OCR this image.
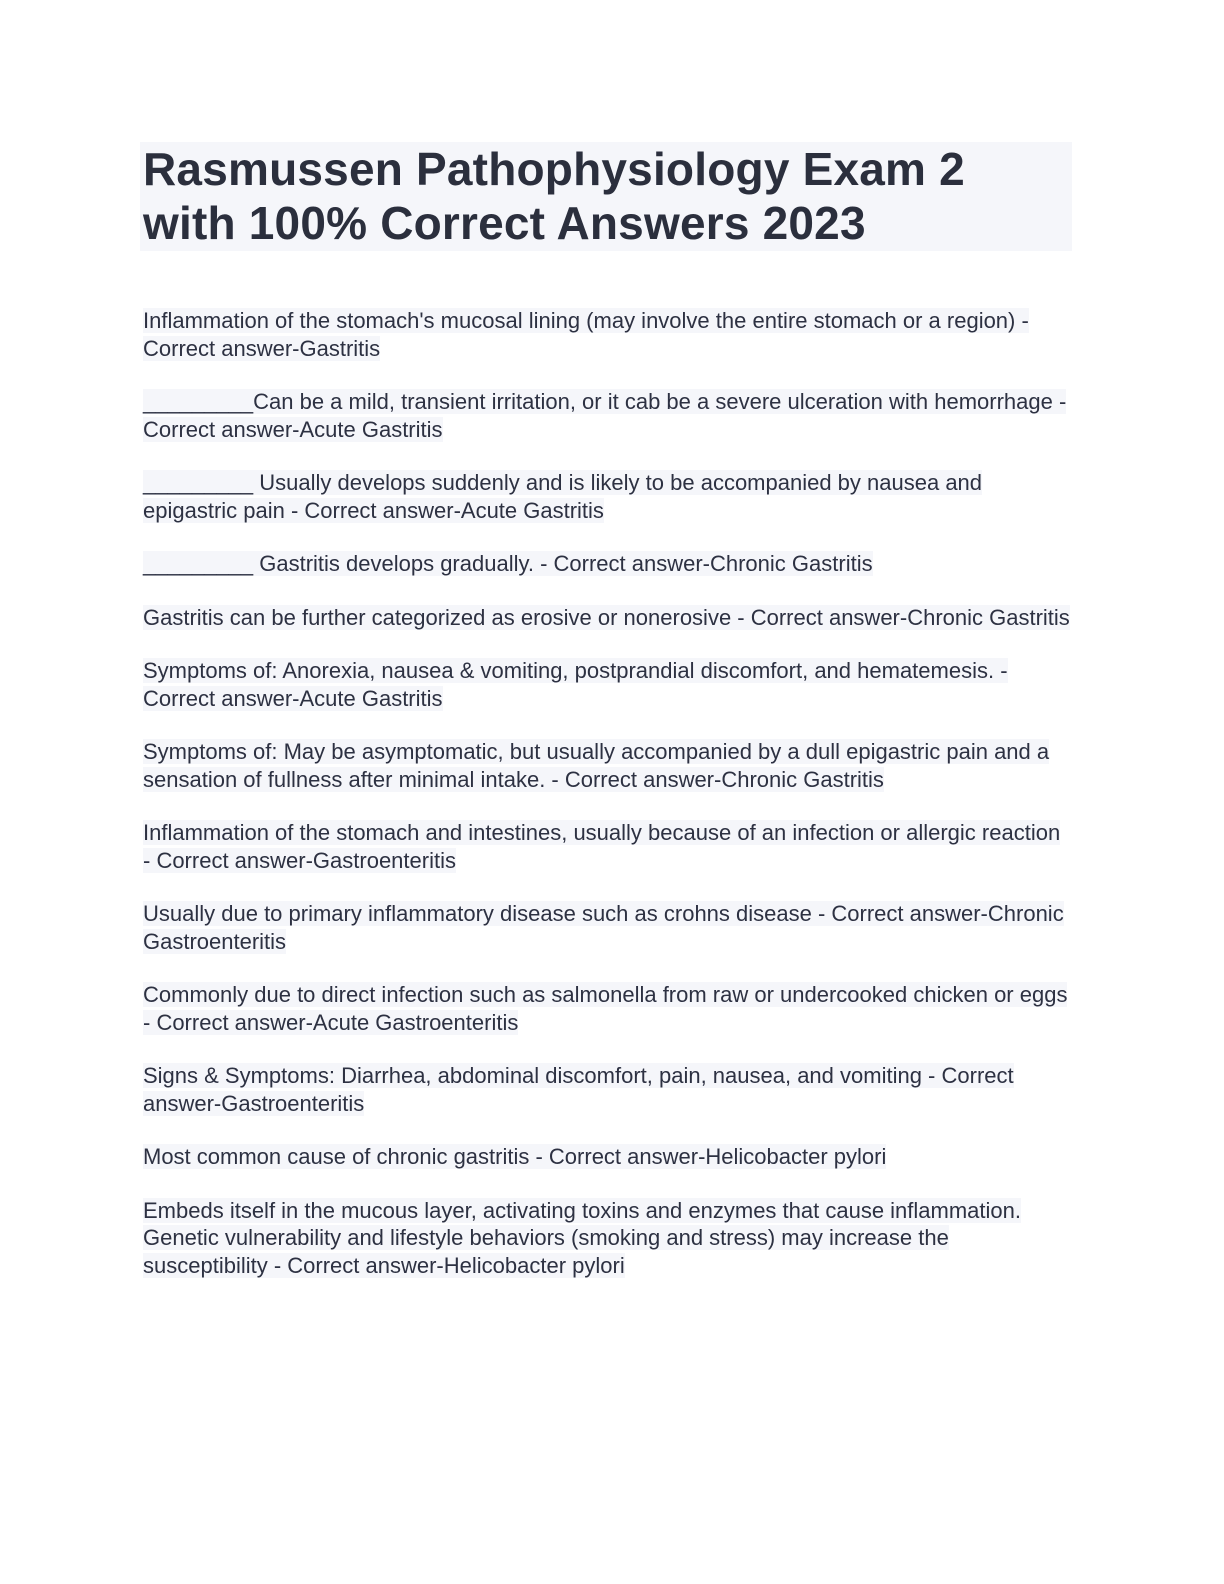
Rasmussen Pathophysiology Exam 2
with 100% Correct Answers 2023

Inflammation of the stomach's mucosal lining (may involve the entire stomach or a region) - Correct answer-Gastritis

_________Can be a mild, transient irritation, or it cab be a severe ulceration with hemorrhage - Correct answer-Acute Gastritis

_________ Usually develops suddenly and is likely to be accompanied by nausea and epigastric pain - Correct answer-Acute Gastritis

_________ Gastritis develops gradually. - Correct answer-Chronic Gastritis

Gastritis can be further categorized as erosive or nonerosive - Correct answer-Chronic Gastritis

Symptoms of: Anorexia, nausea & vomiting, postprandial discomfort, and hematemesis. - Correct answer-Acute Gastritis

Symptoms of: May be asymptomatic, but usually accompanied by a dull epigastric pain and a sensation of fullness after minimal intake. - Correct answer-Chronic Gastritis

Inflammation of the stomach and intestines, usually because of an infection or allergic reaction - Correct answer-Gastroenteritis

Usually due to primary inflammatory disease such as crohns disease - Correct answer-Chronic Gastroenteritis

Commonly due to direct infection such as salmonella from raw or undercooked chicken or eggs - Correct answer-Acute Gastroenteritis

Signs & Symptoms: Diarrhea, abdominal discomfort, pain, nausea, and vomiting - Correct answer-Gastroenteritis

Most common cause of chronic gastritis - Correct answer-Helicobacter pylori

Embeds itself in the mucous layer, activating toxins and enzymes that cause inflammation. Genetic vulnerability and lifestyle behaviors (smoking and stress) may increase the susceptibility - Correct answer-Helicobacter pylori
